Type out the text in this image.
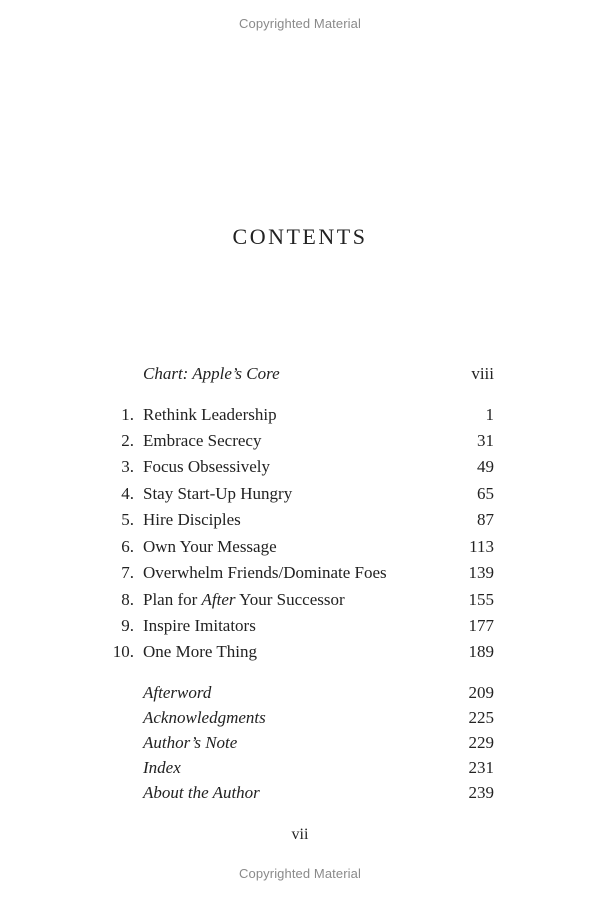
Copyrighted Material
CONTENTS
Chart: Apple’s Core	viii
1. Rethink Leadership	1
2. Embrace Secrecy	31
3. Focus Obsessively	49
4. Stay Start-Up Hungry	65
5. Hire Disciples	87
6. Own Your Message	113
7. Overwhelm Friends/Dominate Foes	139
8. Plan for After Your Successor	155
9. Inspire Imitators	177
10. One More Thing	189
Afterword	209
Acknowledgments	225
Author’s Note	229
Index	231
About the Author	239
vii
Copyrighted Material
